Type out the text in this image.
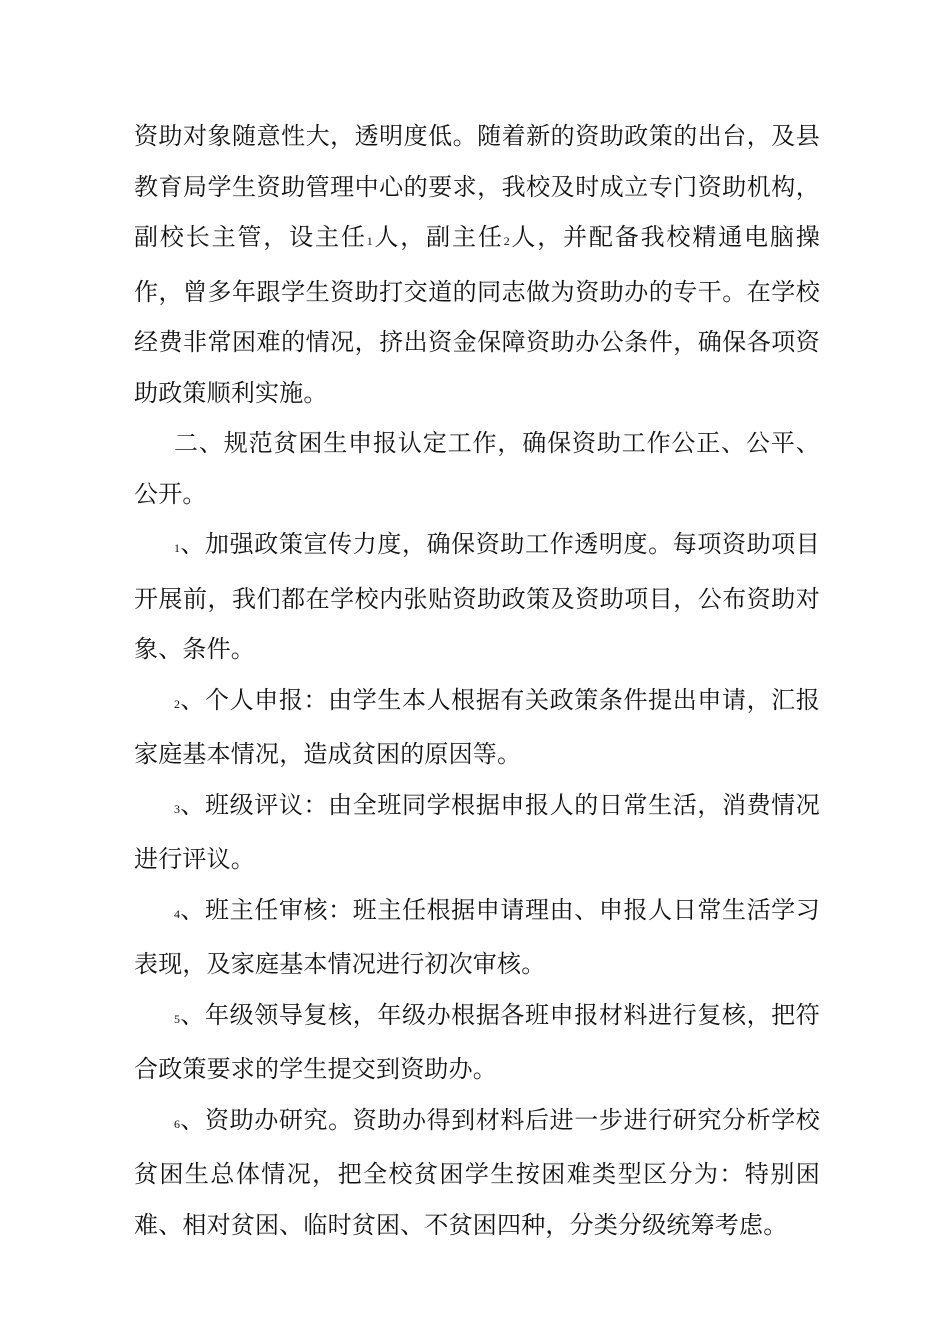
资助对象随意性大，透明度低。随着新的资助政策的出台，及县教育局学生资助管理中心的要求，我校及时成立专门资助机构，副校长主管，设主任1人，副主任2人，并配备我校精通电脑操作，曾多年跟学生资助打交道的同志做为资助办的专干。在学校经费非常困难的情况，挤出资金保障资助办公条件，确保各项资助政策顺利实施。

二、规范贫困生申报认定工作，确保资助工作公正、公平、公开。

1、加强政策宣传力度，确保资助工作透明度。每项资助项目开展前，我们都在学校内张贴资助政策及资助项目，公布资助对象、条件。

2、个人申报：由学生本人根据有关政策条件提出申请，汇报家庭基本情况，造成贫困的原因等。

3、班级评议：由全班同学根据申报人的日常生活，消费情况进行评议。

4、班主任审核：班主任根据申请理由、申报人日常生活学习表现，及家庭基本情况进行初次审核。

5、年级领导复核，年级办根据各班申报材料进行复核，把符合政策要求的学生提交到资助办。

6、资助办研究。资助办得到材料后进一步进行研究分析学校贫困生总体情况，把全校贫困学生按困难类型区分为：特别困难、相对贫困、临时贫困、不贫困四种，分类分级统筹考虑。
